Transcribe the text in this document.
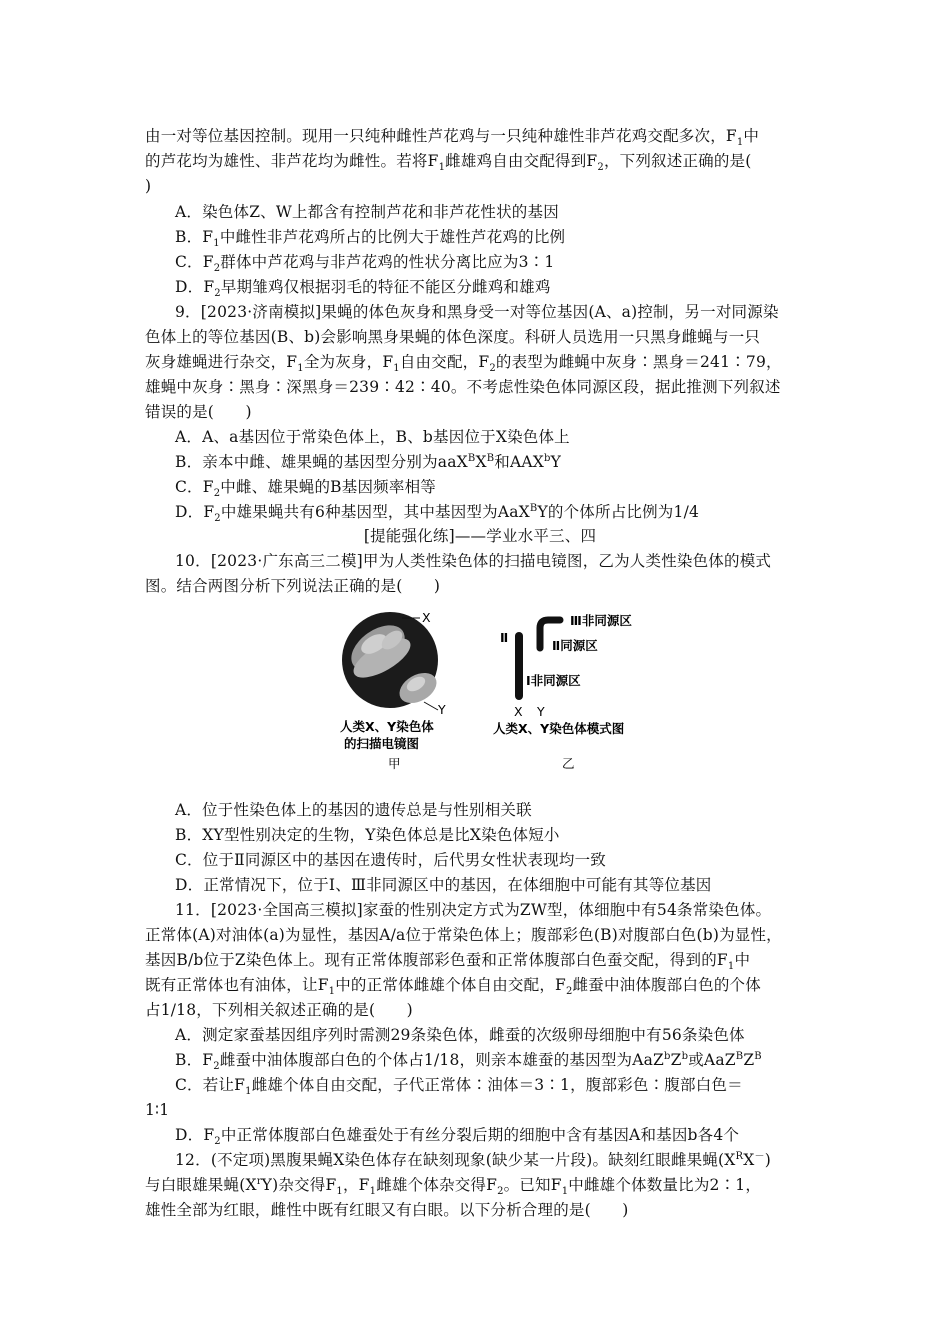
由一对等位基因控制。现用一只纯种雌性芦花鸡与一只纯种雄性非芦花鸡交配多次，$F_1$中
的芦花均为雄性、非芦花均为雌性。若将$F_1$雌雄鸡自由交配得到$F_2$，下列叙述正确的是(
)
A．染色体Z、W上都含有控制芦花和非芦花性状的基因
B．$F_1$中雌性非芦花鸡所占的比例大于雄性芦花鸡的比例
C．$F_2$群体中芦花鸡与非芦花鸡的性状分离比应为3∶1
D．$F_2$早期雏鸡仅根据羽毛的特征不能区分雌鸡和雄鸡
9．[2023·济南模拟]果蝇的体色灰身和黑身受一对等位基因(A、a)控制，另一对同源染
色体上的等位基因(B、b)会影响黑身果蝇的体色深度。科研人员选用一只黑身雌蝇与一只
灰身雄蝇进行杂交，$F_1$全为灰身，$F_1$自由交配，$F_2$的表型为雌蝇中灰身∶黑身＝241∶79，
雄蝇中灰身∶黑身∶深黑身＝239∶42∶40。不考虑性染色体同源区段，据此推测下列叙述
错误的是(　　)
A．A、a基因位于常染色体上，B、b基因位于X染色体上
B．亲本中雌、雄果蝇的基因型分别为$aaX^BX^B$和AAX$^b$Y
C．$F_2$中雌、雄果蝇的B基因频率相等
D．$F_2$中雄果蝇共有6种基因型，其中基因型为AaX$^B$Y的个体所占比例为1/4
[提能强化练]——学业水平三、四
10．[2023·广东高三二模]甲为人类性染色体的扫描电镜图，乙为人类性染色体的模式
图。结合两图分析下列说法正确的是(　　)
X
Y
人类X、Y染色体
的扫描电镜图
甲
Ⅱ
Ⅲ非同源区
Ⅱ同源区
Ⅰ非同源区
X Y
人类X、Y染色体模式图
乙
A．位于性染色体上的基因的遗传总是与性别相关联
B．XY型性别决定的生物，Y染色体总是比X染色体短小
C．位于Ⅱ同源区中的基因在遗传时，后代男女性状表现均一致
D．正常情况下，位于Ⅰ、Ⅲ非同源区中的基因，在体细胞中可能有其等位基因
11．[2023·全国高三模拟]家蚕的性别决定方式为ZW型，体细胞中有54条常染色体。
正常体(A)对油体(a)为显性，基因A/a位于常染色体上；腹部彩色(B)对腹部白色(b)为显性，
基因B/b位于Z染色体上。现有正常体腹部彩色蚕和正常体腹部白色蚕交配，得到的$F_1$中
既有正常体也有油体，让$F_1$中的正常体雌雄个体自由交配，$F_2$雌蚕中油体腹部白色的个体
占1/18，下列相关叙述正确的是(　　)
A．测定家蚕基因组序列时需测29条染色体，雌蚕的次级卵母细胞中有56条染色体
B．$F_2$雌蚕中油体腹部白色的个体占1/18，则亲本雄蚕的基因型为$AaZ^bZ^b$或$AaZ^BZ^B$
C．若让$F_1$雌雄个体自由交配，子代正常体∶油体＝3∶1，腹部彩色∶腹部白色＝
1∶1
D．$F_2$中正常体腹部白色雄蚕处于有丝分裂后期的细胞中含有基因A和基因b各4个
12．(不定项)黑腹果蝇X染色体存在缺刻现象(缺少某一片段)。缺刻红眼雌果蝇$(X^RX^-)$
与白眼雄果蝇$(X^rY)$杂交得$F_1$，$F_1$雌雄个体杂交得$F_2$。已知$F_1$中雌雄个体数量比为2∶1，
雄性全部为红眼，雌性中既有红眼又有白眼。以下分析合理的是(　　)
